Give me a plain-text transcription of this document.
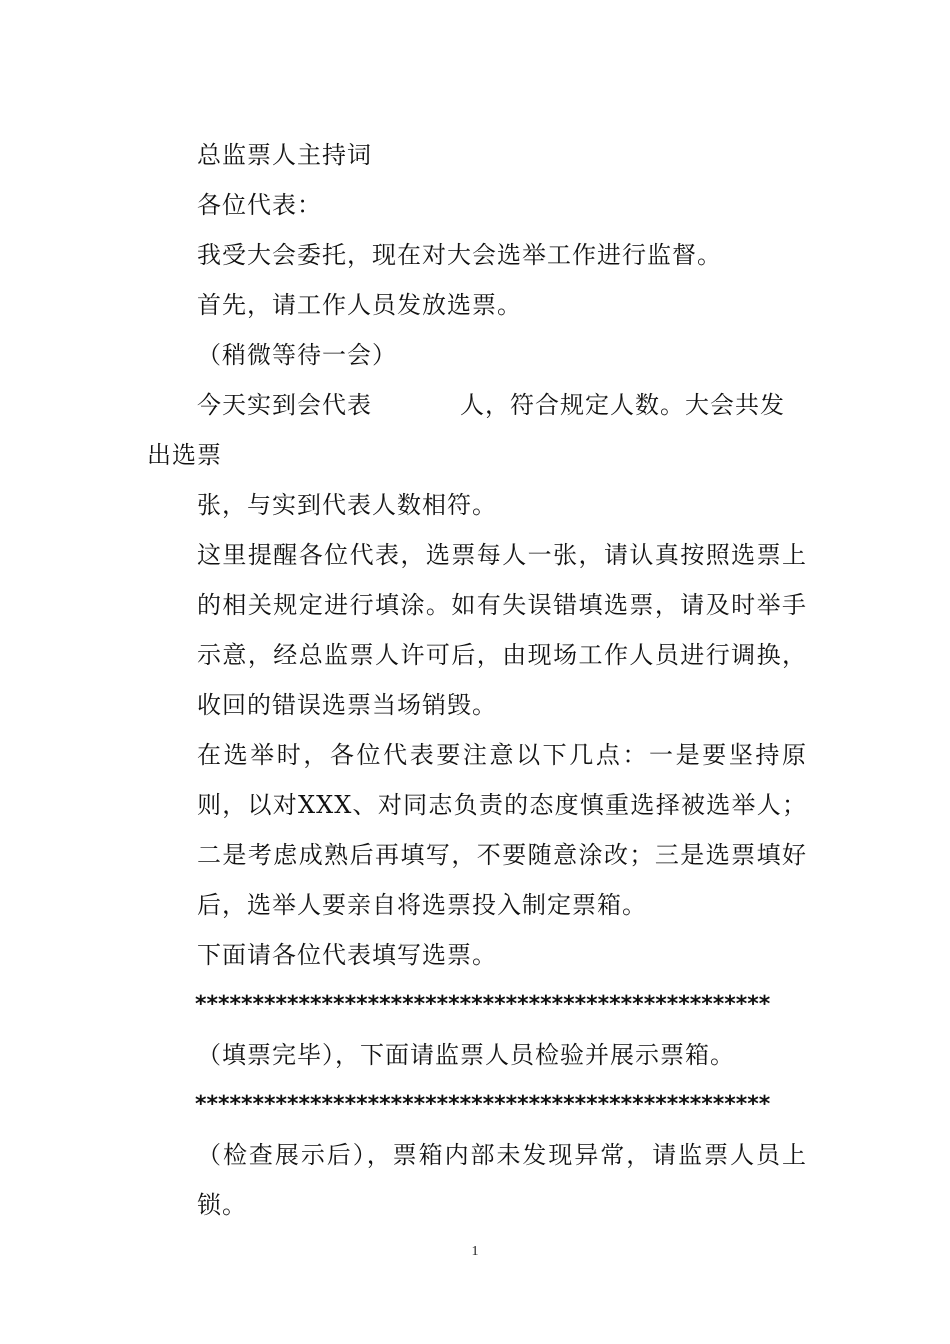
总监票人主持词

各位代表：

我受大会委托，现在对大会选举工作进行监督。

首先，请工作人员发放选票。

（稍微等待一会）

今天实到会代表	人，符合规定人数。大会共发

出选票

张，与实到代表人数相符。

这里提醒各位代表，选票每人一张，请认真按照选票上的相关规定进行填涂。如有失误错填选票，请及时举手示意，经总监票人许可后，由现场工作人员进行调换，收回的错误选票当场销毁。

在选举时，各位代表要注意以下几点：一是要坚持原则，以对XXX、对同志负责的态度慎重选择被选举人；二是考虑成熟后再填写，不要随意涂改；三是选票填好后，选举人要亲自将选票投入制定票箱。

下面请各位代表填写选票。

**************************************************

（填票完毕），下面请监票人员检验并展示票箱。

**************************************************

（检查展示后），票箱内部未发现异常，请监票人员上锁。

1
